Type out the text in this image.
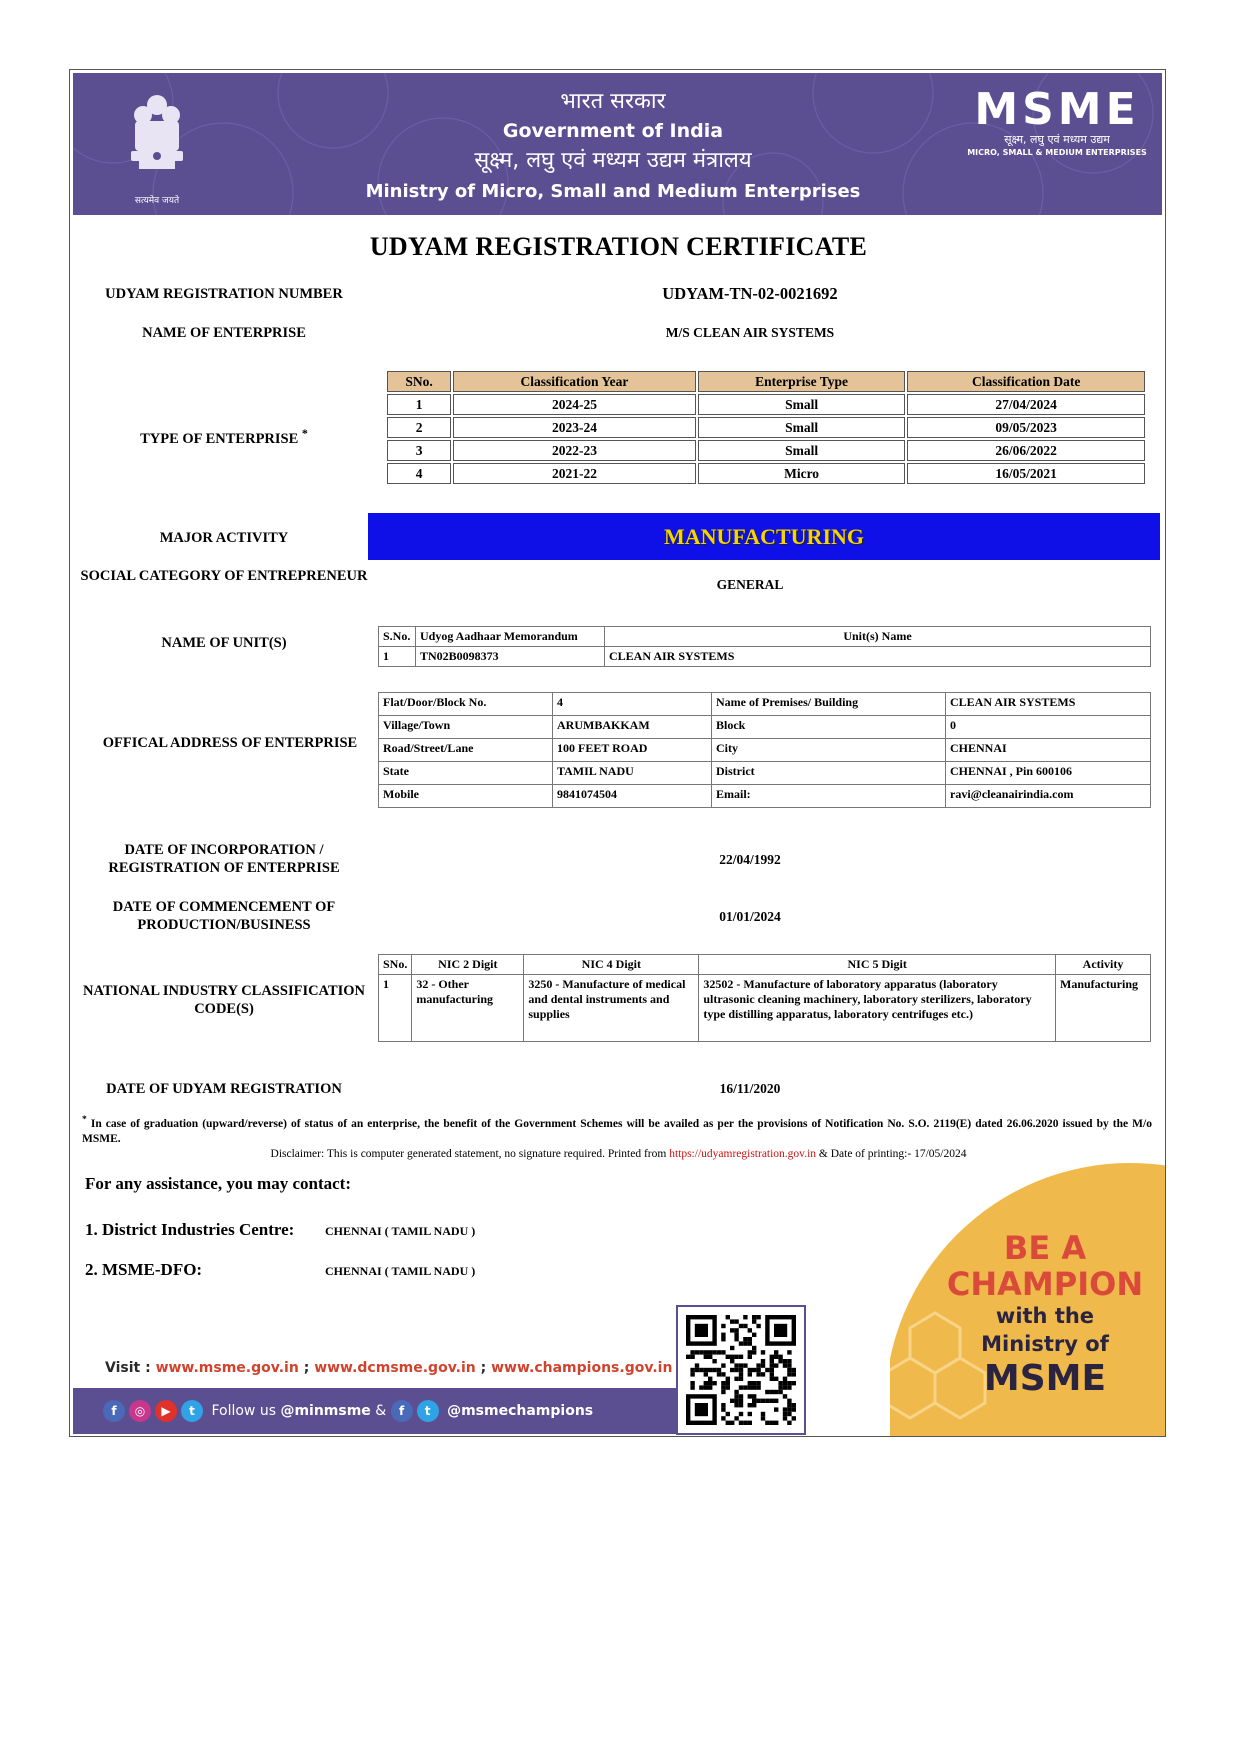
सत्यमेव जयते
भारत सरकार
Government of India
सूक्ष्म, लघु एवं मध्यम उद्यम मंत्रालय
Ministry of Micro, Small and Medium Enterprises
MSME
सूक्ष्म, लघु एवं मध्यम उद्यम
MICRO, SMALL & MEDIUM ENTERPRISES
UDYAM REGISTRATION CERTIFICATE
UDYAM REGISTRATION NUMBER	UDYAM-TN-02-0021692
NAME OF ENTERPRISE	M/S CLEAN AIR SYSTEMS
TYPE OF ENTERPRISE *
SNo.	Classification Year	Enterprise Type	Classification Date
1	2024-25	Small	27/04/2024
2	2023-24	Small	09/05/2023
3	2022-23	Small	26/06/2022
4	2021-22	Micro	16/05/2021
MAJOR ACTIVITY	MANUFACTURING
SOCIAL CATEGORY OF ENTREPRENEUR
GENERAL
NAME OF UNIT(S)	S.No.	Udyog Aadhaar Memorandum	Unit(s) Name
1	TN02B0098373	CLEAN AIR SYSTEMS
OFFICAL ADDRESS OF ENTERPRISE
Flat/Door/Block No.	4	Name of Premises/ Building	CLEAN AIR SYSTEMS
Village/Town	ARUMBAKKAM	Block	0
Road/Street/Lane	100 FEET ROAD	City	CHENNAI
State	TAMIL NADU	District	CHENNAI , Pin 600106
Mobile	9841074504	Email:	ravi@cleanairindia.com
DATE OF INCORPORATION / REGISTRATION OF ENTERPRISE
22/04/1992
DATE OF COMMENCEMENT OF PRODUCTION/BUSINESS
01/01/2024
NATIONAL INDUSTRY CLASSIFICATION CODE(S)
SNo.	NIC 2 Digit	NIC 4 Digit	NIC 5 Digit	Activity
1	32 - Other manufacturing	3250 - Manufacture of medical and dental instruments and supplies	32502 - Manufacture of laboratory apparatus (laboratory ultrasonic cleaning machinery, laboratory sterilizers, laboratory type distilling apparatus, laboratory centrifuges etc.)	Manufacturing
DATE OF UDYAM REGISTRATION	16/11/2020
* In case of graduation (upward/reverse) of status of an enterprise, the benefit of the Government Schemes will be availed as per the provisions of Notification No. S.O. 2119(E) dated 26.06.2020 issued by the M/o MSME.
Disclaimer: This is computer generated statement, no signature required. Printed from https://udyamregistration.gov.in & Date of printing:- 17/05/2024
For any assistance, you may contact:
1. District Industries Centre:	CHENNAI ( TAMIL NADU )
2. MSME-DFO:	CHENNAI ( TAMIL NADU )
BE A
CHAMPION
with the
Ministry of
MSME
Visit : www.msme.gov.in ; www.dcmsme.gov.in ; www.champions.gov.in
f ◎ ▶ t Follow us @minmsme & f t @msmechampions
